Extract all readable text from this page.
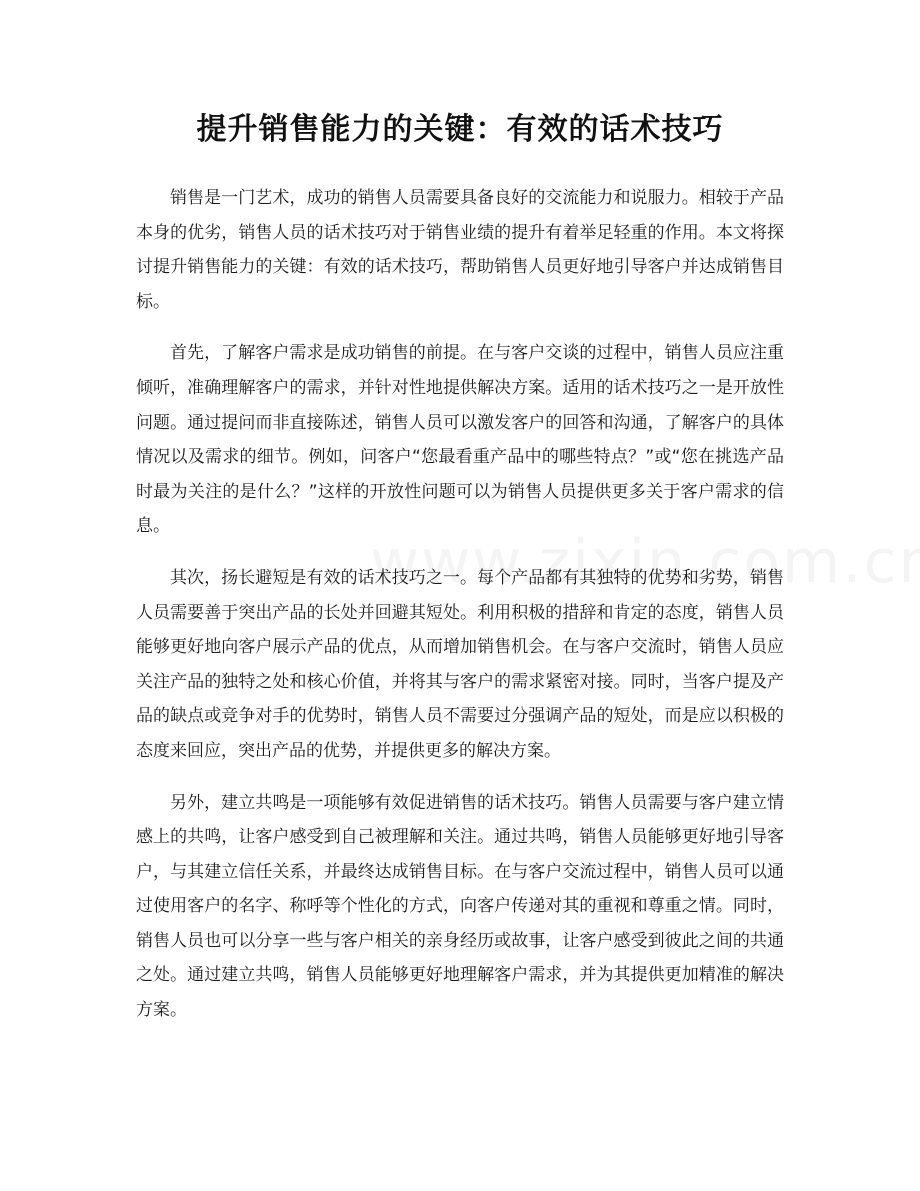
提升销售能力的关键：有效的话术技巧

销售是一门艺术，成功的销售人员需要具备良好的交流能力和说服力。相较于产品本身的优劣，销售人员的话术技巧对于销售业绩的提升有着举足轻重的作用。本文将探讨提升销售能力的关键：有效的话术技巧，帮助销售人员更好地引导客户并达成销售目标。

首先，了解客户需求是成功销售的前提。在与客户交谈的过程中，销售人员应注重倾听，准确理解客户的需求，并针对性地提供解决方案。适用的话术技巧之一是开放性问题。通过提问而非直接陈述，销售人员可以激发客户的回答和沟通，了解客户的具体情况以及需求的细节。例如，问客户“您最看重产品中的哪些特点？”或“您在挑选产品时最为关注的是什么？”这样的开放性问题可以为销售人员提供更多关于客户需求的信息。

其次，扬长避短是有效的话术技巧之一。每个产品都有其独特的优势和劣势，销售人员需要善于突出产品的长处并回避其短处。利用积极的措辞和肯定的态度，销售人员能够更好地向客户展示产品的优点，从而增加销售机会。在与客户交流时，销售人员应关注产品的独特之处和核心价值，并将其与客户的需求紧密对接。同时，当客户提及产品的缺点或竞争对手的优势时，销售人员不需要过分强调产品的短处，而是应以积极的态度来回应，突出产品的优势，并提供更多的解决方案。

另外，建立共鸣是一项能够有效促进销售的话术技巧。销售人员需要与客户建立情感上的共鸣，让客户感受到自己被理解和关注。通过共鸣，销售人员能够更好地引导客户，与其建立信任关系，并最终达成销售目标。在与客户交流过程中，销售人员可以通过使用客户的名字、称呼等个性化的方式，向客户传递对其的重视和尊重之情。同时，销售人员也可以分享一些与客户相关的亲身经历或故事，让客户感受到彼此之间的共通之处。通过建立共鸣，销售人员能够更好地理解客户需求，并为其提供更加精准的解决方案。
